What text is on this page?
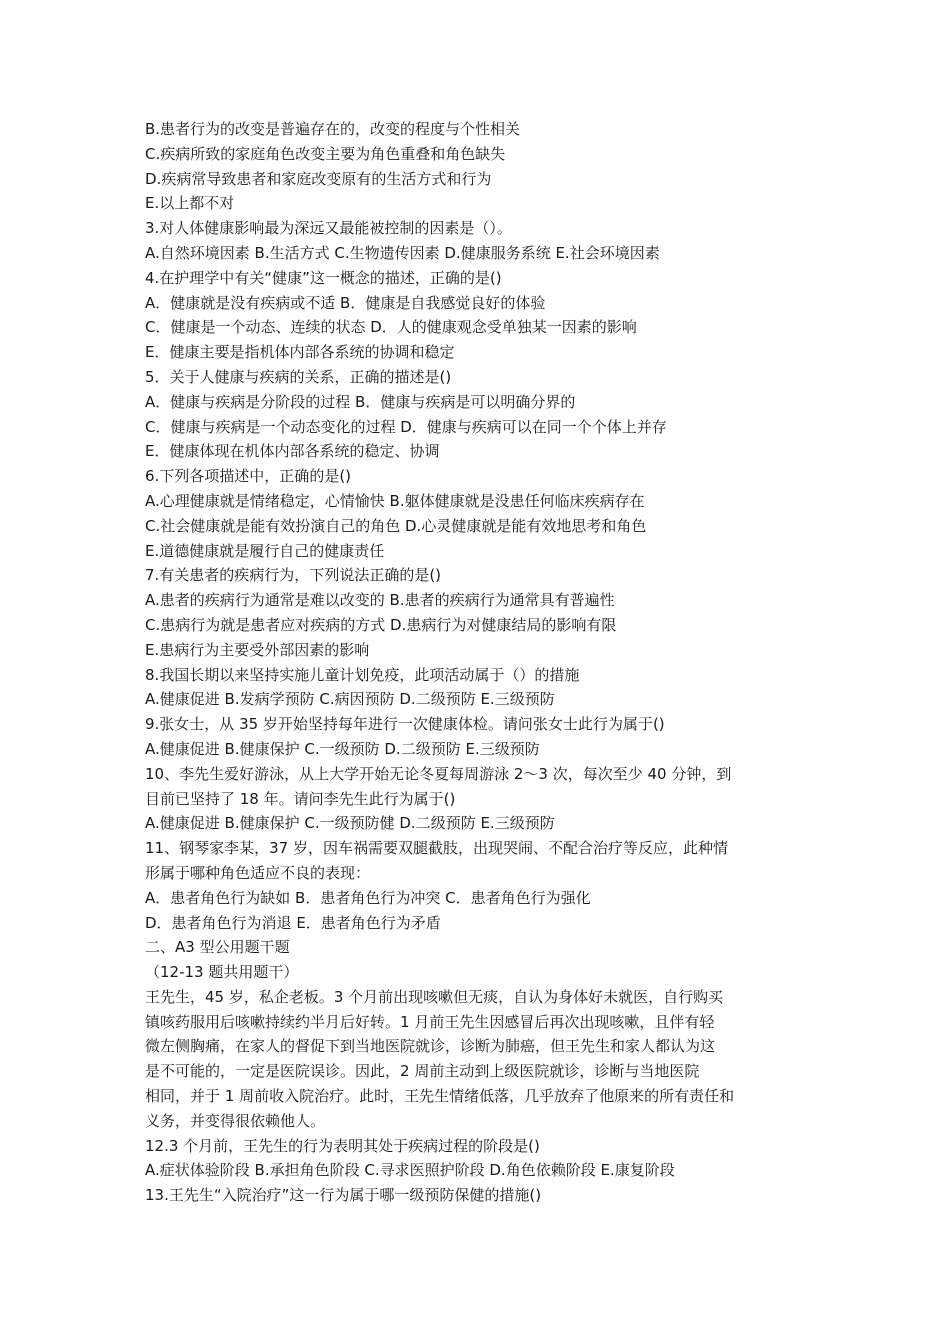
B.患者行为的改变是普遍存在的，改变的程度与个性相关
C.疾病所致的家庭角色改变主要为角色重叠和角色缺失
D.疾病常导致患者和家庭改变原有的生活方式和行为
E.以上都不对
3.对人体健康影响最为深远又最能被控制的因素是（）。
A.自然环境因素 B.生活方式 C.生物遗传因素 D.健康服务系统 E.社会环境因素
4.在护理学中有关“健康”这一概念的描述，正确的是()
A．健康就是没有疾病或不适 B．健康是自我感觉良好的体验
C．健康是一个动态、连续的状态 D．人的健康观念受单独某一因素的影响
E．健康主要是指机体内部各系统的协调和稳定
5．关于人健康与疾病的关系，正确的描述是()
A．健康与疾病是分阶段的过程 B．健康与疾病是可以明确分界的
C．健康与疾病是一个动态变化的过程 D．健康与疾病可以在同一个个体上并存
E．健康体现在机体内部各系统的稳定、协调
6.下列各项描述中，正确的是()
A.心理健康就是情绪稳定，心情愉快 B.躯体健康就是没患任何临床疾病存在
C.社会健康就是能有效扮演自己的角色 D.心灵健康就是能有效地思考和角色
E.道德健康就是履行自己的健康责任
7.有关患者的疾病行为，下列说法正确的是()
A.患者的疾病行为通常是难以改变的 B.患者的疾病行为通常具有普遍性
C.患病行为就是患者应对疾病的方式 D.患病行为对健康结局的影响有限
E.患病行为主要受外部因素的影响
8.我国长期以来坚持实施儿童计划免疫，此项活动属于（）的措施
A.健康促进 B.发病学预防 C.病因预防 D.二级预防 E.三级预防
9.张女士，从 35 岁开始坚持每年进行一次健康体检。请问张女士此行为属于()
A.健康促进 B.健康保护 C.一级预防 D.二级预防 E.三级预防
10、李先生爱好游泳，从上大学开始无论冬夏每周游泳 2～3 次，每次至少 40 分钟，到
目前已坚持了 18 年。请问李先生此行为属于()
A.健康促进 B.健康保护 C.一级预防健 D.二级预防 E.三级预防
11、钢琴家李某，37 岁，因车祸需要双腿截肢，出现哭闹、不配合治疗等反应，此种情
形属于哪种角色适应不良的表现：
A．患者角色行为缺如 B．患者角色行为冲突 C．患者角色行为强化
D．患者角色行为消退 E．患者角色行为矛盾
二、A3 型公用题干题
（12-13 题共用题干）
王先生，45 岁，私企老板。3 个月前出现咳嗽但无痰，自认为身体好未就医，自行购买
镇咳药服用后咳嗽持续约半月后好转。1 月前王先生因感冒后再次出现咳嗽，且伴有轻
微左侧胸痛，在家人的督促下到当地医院就诊，诊断为肺癌，但王先生和家人都认为这
是不可能的，一定是医院误诊。因此，2 周前主动到上级医院就诊，诊断与当地医院
相同，并于 1 周前收入院治疗。此时，王先生情绪低落，几乎放弃了他原来的所有责任和
义务，并变得很依赖他人。
12.3 个月前，王先生的行为表明其处于疾病过程的阶段是()
A.症状体验阶段 B.承担角色阶段 C.寻求医照护阶段 D.角色依赖阶段 E.康复阶段
13.王先生“入院治疗”这一行为属于哪一级预防保健的措施()
